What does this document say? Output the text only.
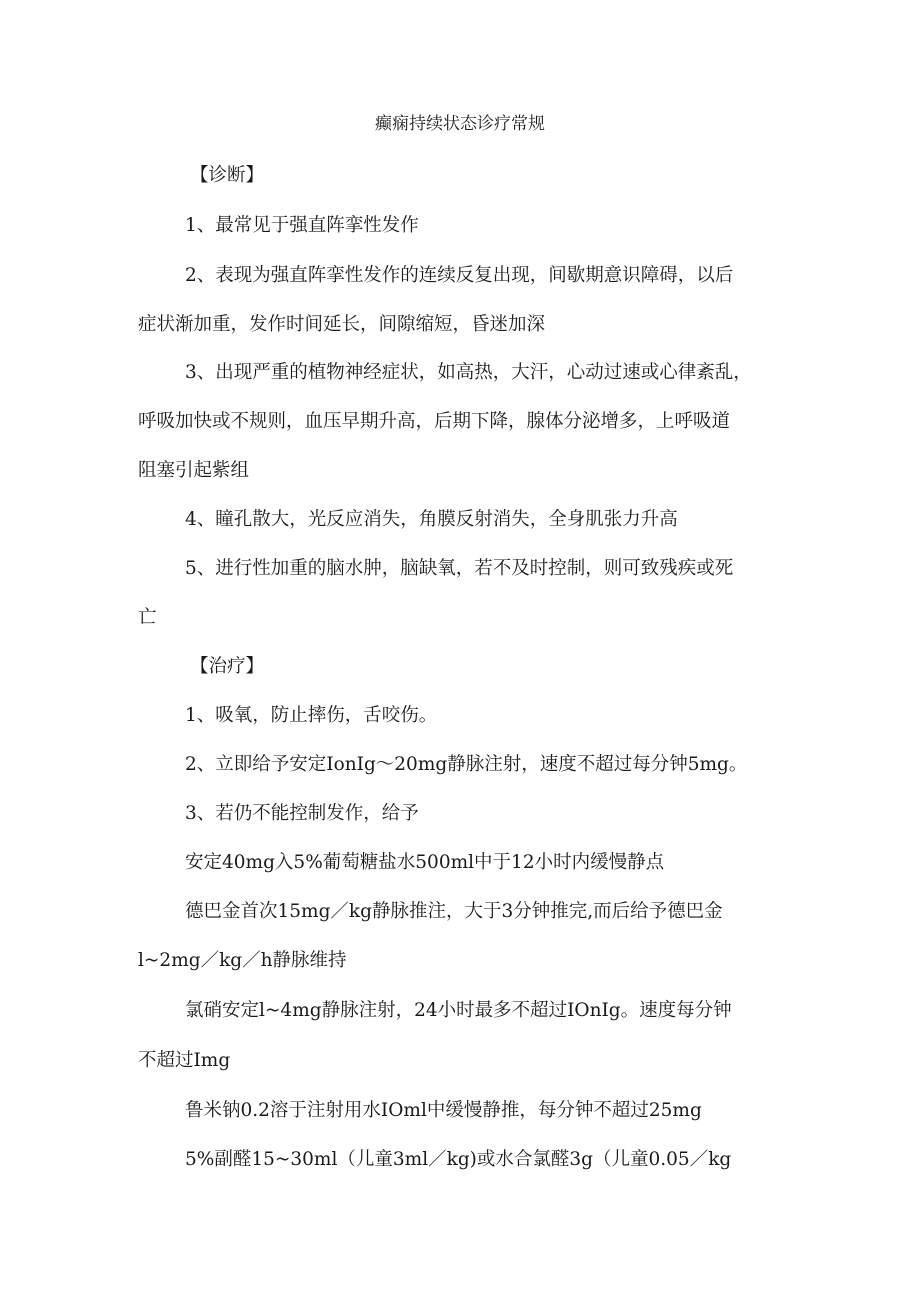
癫痫持续状态诊疗常规
【诊断】
1、最常见于强直阵挛性发作
2、表现为强直阵挛性发作的连续反复出现，间歇期意识障碍，以后
症状渐加重，发作时间延长，间隙缩短，昏迷加深
3、出现严重的植物神经症状，如高热，大汗，心动过速或心律紊乱，
呼吸加快或不规则，血压早期升高，后期下降，腺体分泌增多，上呼吸道
阻塞引起紫组
4、瞳孔散大，光反应消失，角膜反射消失，全身肌张力升高
5、进行性加重的脑水肿，脑缺氧，若不及时控制，则可致残疾或死
亡
【治疗】
1、吸氧，防止摔伤，舌咬伤。
2、立即给予安定IonIg～20mg静脉注射，速度不超过每分钟5mg。
3、若仍不能控制发作，给予
安定40mg入5%葡萄糖盐水500ml中于12小时内缓慢静点
德巴金首次15mg／kg静脉推注，大于3分钟推完,而后给予德巴金
l~2mg／kg／h静脉维持
氯硝安定l~4mg静脉注射，24小时最多不超过IOnIg。速度每分钟
不超过Img
鲁米钠0.2溶于注射用水IOml中缓慢静推，每分钟不超过25mg
5%副醛15~30ml（儿童3ml／kg)或水合氯醛3g（儿童0.05／kg
